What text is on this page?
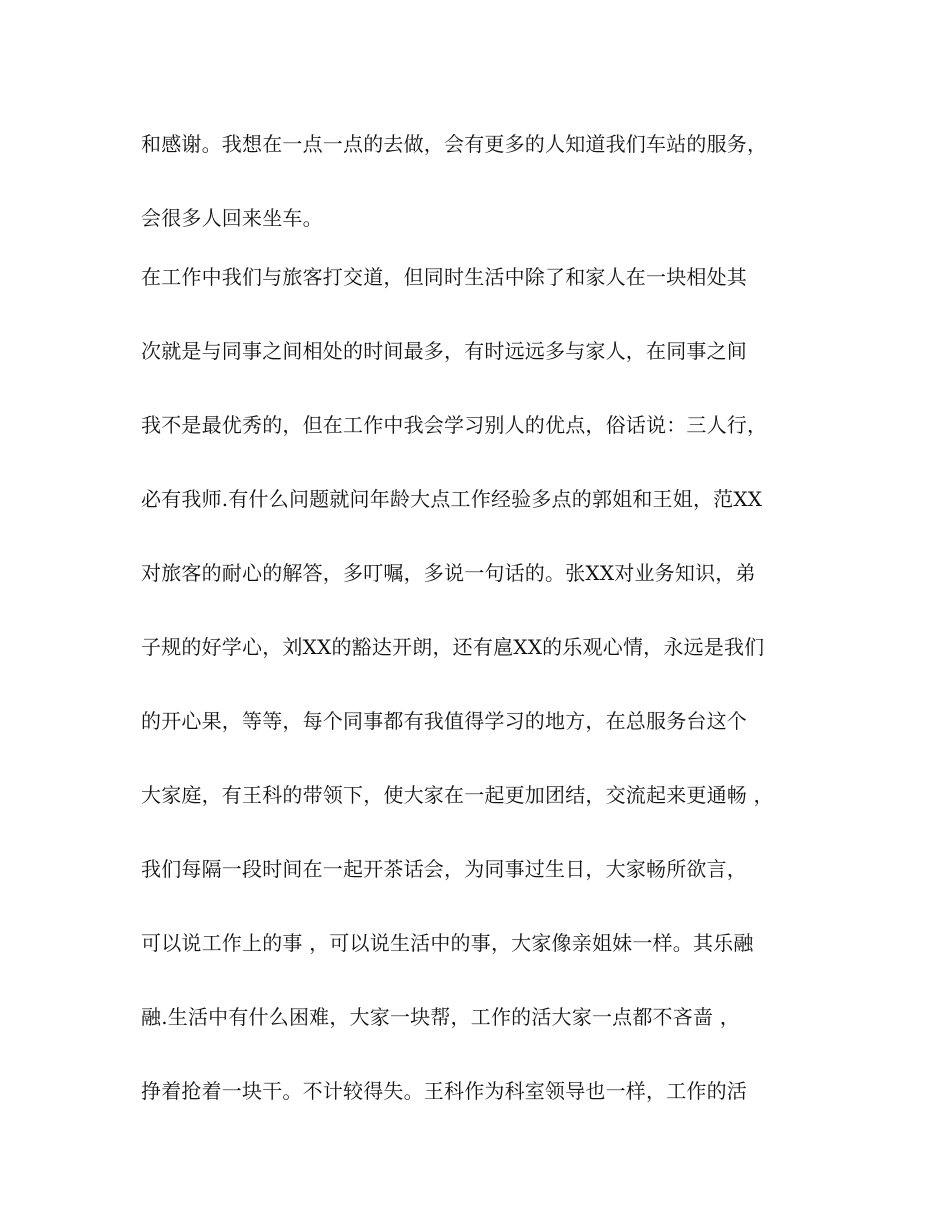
和感谢。我想在一点一点的去做，会有更多的人知道我们车站的服务，
会很多人回来坐车。
在工作中我们与旅客打交道，但同时生活中除了和家人在一块相处其
次就是与同事之间相处的时间最多，有时远远多与家人，在同事之间
我不是最优秀的，但在工作中我会学习别人的优点，俗话说：三人行，
必有我师.有什么问题就问年龄大点工作经验多点的郭姐和王姐，范XX
对旅客的耐心的解答，多叮嘱，多说一句话的。张XX对业务知识，弟
子规的好学心，刘XX的豁达开朗，还有扈XX的乐观心情，永远是我们
的开心果，等等，每个同事都有我值得学习的地方，在总服务台这个
大家庭，有王科的带领下，使大家在一起更加团结，交流起来更通畅 ，
我们每隔一段时间在一起开茶话会，为同事过生日，大家畅所欲言，
可以说工作上的事 ，可以说生活中的事，大家像亲姐妹一样。其乐融
融.生活中有什么困难，大家一块帮，工作的活大家一点都不吝啬 ，
挣着抢着一块干。不计较得失。王科作为科室领导也一样，工作的活
